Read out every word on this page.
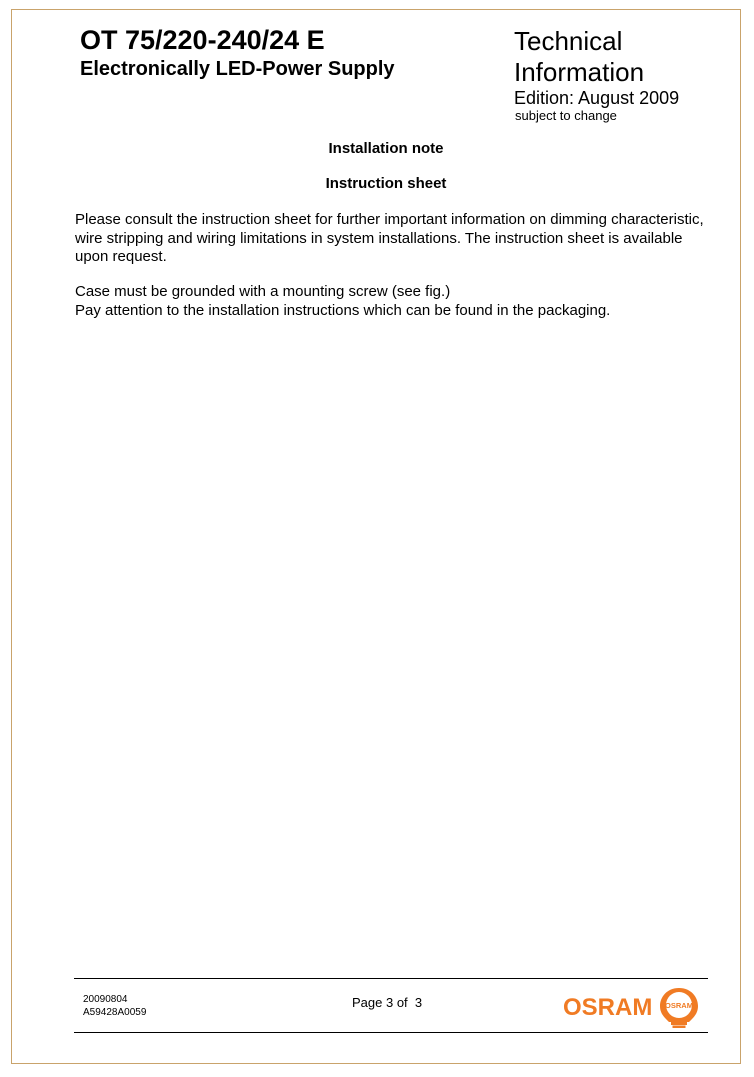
OT 75/220-240/24 E
Electronically LED-Power Supply
Technical
Information
Edition: August 2009
subject to change
Installation note
Instruction sheet

Please consult the instruction sheet for further important information on dimming characteristic, wire stripping and wiring limitations in system installations. The instruction sheet is available upon request.

Case must be grounded with a mounting screw (see fig.)
Pay attention to the installation instructions which can be found in the packaging.

20090804
A59428A0059
Page 3 of  3	OSRAM OSRAM
